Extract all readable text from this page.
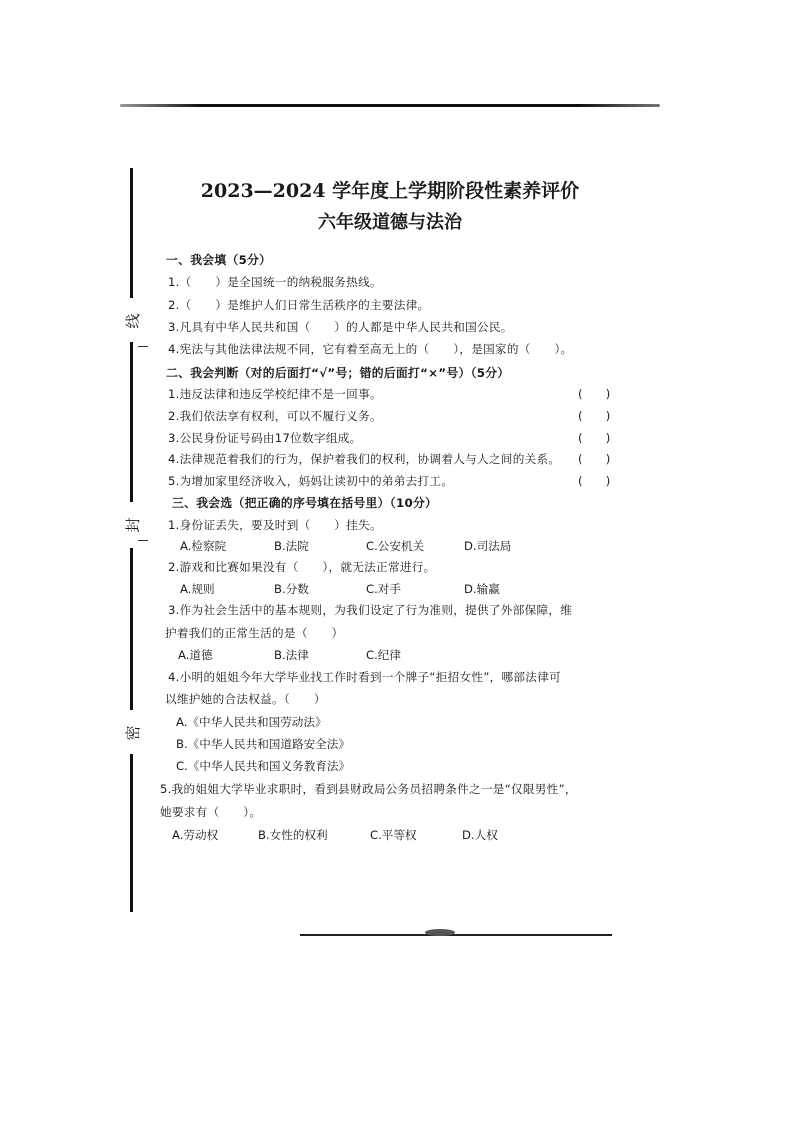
线
封
密
2023—2024 学年度上学期阶段性素养评价
六年级道德与法治
一、我会填（5分）
1.（　　）是全国统一的纳税服务热线。
2.（　　）是维护人们日常生活秩序的主要法律。
3.凡具有中华人民共和国（　　）的人都是中华人民共和国公民。
4.宪法与其他法律法规不同，它有着至高无上的（　　），是国家的（　　）。
二、我会判断（对的后面打“√”号；错的后面打“×”号）（5分）
1.违反法律和违反学校纪律不是一回事。	(　　)
2.我们依法享有权利，可以不履行义务。	(　　)
3.公民身份证号码由17位数字组成。	(　　)
4.法律规范着我们的行为，保护着我们的权利，协调着人与人之间的关系。 (　　)
5.为增加家里经济收入，妈妈让读初中的弟弟去打工。	(　　)
三、我会选（把正确的序号填在括号里）（10分）
1.身份证丢失，要及时到（　　）挂失。
A.检察院	B.法院	C.公安机关	D.司法局
2.游戏和比赛如果没有（　　），就无法正常进行。
A.规则	B.分数	C.对手	D.输赢
3.作为社会生活中的基本规则，为我们设定了行为准则，提供了外部保障，维
护着我们的正常生活的是（　　）
A.道德	B.法律	C.纪律
4.小明的姐姐今年大学毕业找工作时看到一个牌子“拒招女性”，哪部法律可
以维护她的合法权益。（　　）
A.《中华人民共和国劳动法》
B.《中华人民共和国道路安全法》
C.《中华人民共和国义务教育法》
5.我的姐姐大学毕业求职时，看到县财政局公务员招聘条件之一是“仅限男性”，
她要求有（　　）。
A.劳动权	B.女性的权利	C.平等权	D.人权
